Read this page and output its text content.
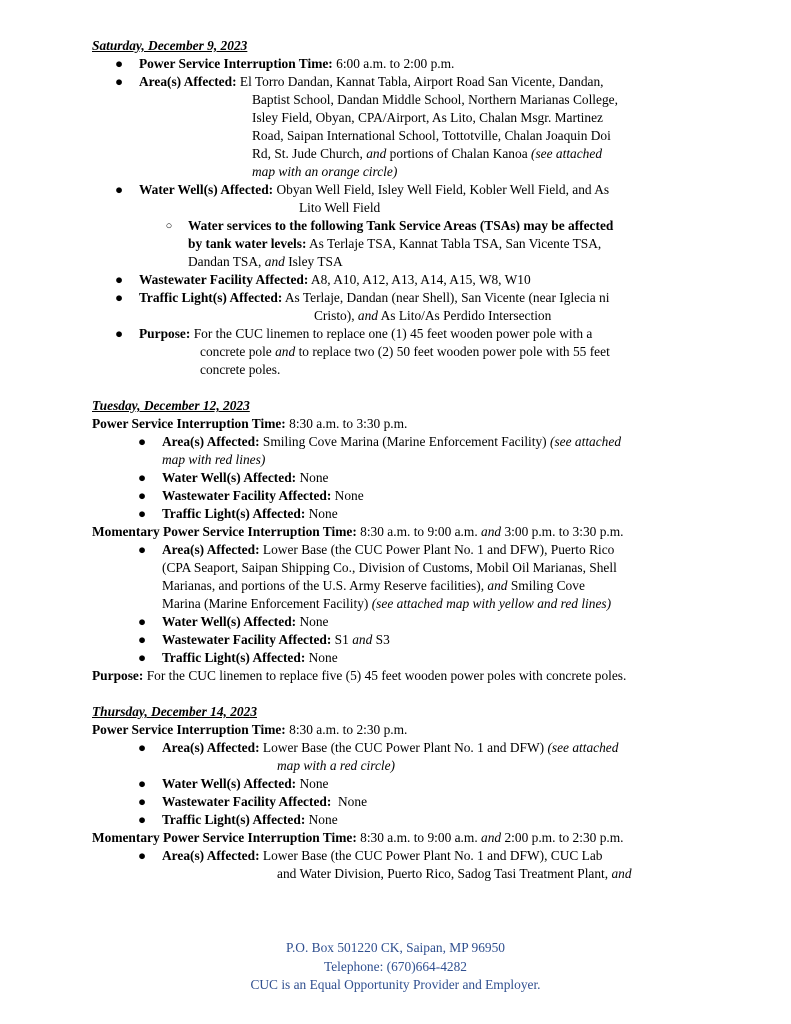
Saturday, December 9, 2023
● Power Service Interruption Time: 6:00 a.m. to 2:00 p.m.
● Area(s) Affected: El Torro Dandan, Kannat Tabla, Airport Road San Vicente, Dandan,
Baptist School, Dandan Middle School, Northern Marianas College,
Isley Field, Obyan, CPA/Airport, As Lito, Chalan Msgr. Martinez
Road, Saipan International School, Tottotville, Chalan Joaquin Doi
Rd, St. Jude Church, and portions of Chalan Kanoa (see attached
map with an orange circle)
● Water Well(s) Affected: Obyan Well Field, Isley Well Field, Kobler Well Field, and As
Lito Well Field
○ Water services to the following Tank Service Areas (TSAs) may be affected
by tank water levels: As Terlaje TSA, Kannat Tabla TSA, San Vicente TSA,
Dandan TSA, and Isley TSA
● Wastewater Facility Affected: A8, A10, A12, A13, A14, A15, W8, W10
● Traffic Light(s) Affected: As Terlaje, Dandan (near Shell), San Vicente (near Iglecia ni
Cristo), and As Lito/As Perdido Intersection
● Purpose: For the CUC linemen to replace one (1) 45 feet wooden power pole with a
concrete pole and to replace two (2) 50 feet wooden power pole with 55 feet
concrete poles.
Tuesday, December 12, 2023
Power Service Interruption Time: 8:30 a.m. to 3:30 p.m.
● Area(s) Affected: Smiling Cove Marina (Marine Enforcement Facility) (see attached
map with red lines)
● Water Well(s) Affected: None
● Wastewater Facility Affected: None
● Traffic Light(s) Affected: None
Momentary Power Service Interruption Time: 8:30 a.m. to 9:00 a.m. and 3:00 p.m. to 3:30 p.m.
● Area(s) Affected: Lower Base (the CUC Power Plant No. 1 and DFW), Puerto Rico
(CPA Seaport, Saipan Shipping Co., Division of Customs, Mobil Oil Marianas, Shell
Marianas, and portions of the U.S. Army Reserve facilities), and Smiling Cove
Marina (Marine Enforcement Facility) (see attached map with yellow and red lines)
● Water Well(s) Affected: None
● Wastewater Facility Affected: S1 and S3
● Traffic Light(s) Affected: None
Purpose: For the CUC linemen to replace five (5) 45 feet wooden power poles with concrete poles.
Thursday, December 14, 2023
Power Service Interruption Time: 8:30 a.m. to 2:30 p.m.
● Area(s) Affected: Lower Base (the CUC Power Plant No. 1 and DFW) (see attached
map with a red circle)
● Water Well(s) Affected: None
● Wastewater Facility Affected: None
● Traffic Light(s) Affected: None
Momentary Power Service Interruption Time: 8:30 a.m. to 9:00 a.m. and 2:00 p.m. to 2:30 p.m.
● Area(s) Affected: Lower Base (the CUC Power Plant No. 1 and DFW), CUC Lab
and Water Division, Puerto Rico, Sadog Tasi Treatment Plant, and
P.O. Box 501220 CK, Saipan, MP 96950
Telephone: (670)664-4282
CUC is an Equal Opportunity Provider and Employer.
